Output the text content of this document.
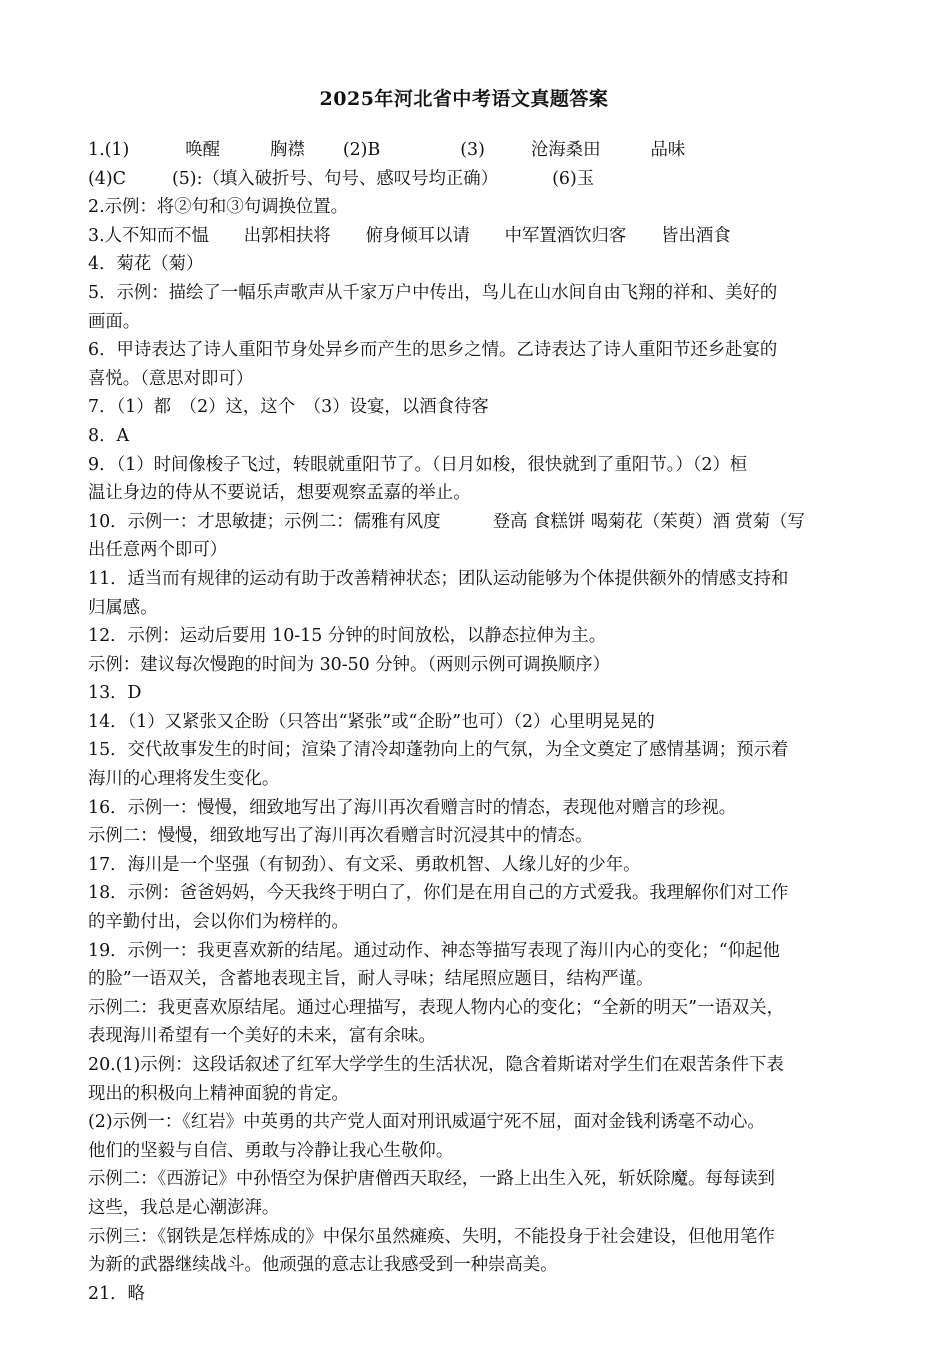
2025年河北省中考语文真题答案
1.(1)	唤醒	胸襟 (2)B	(3)	沧海桑田	品味
(4)C	(5):（填入破折号、句号、感叹号均正确）	(6)玉
2.示例：将②句和③句调换位置。
3.人不知而不愠　　出郭相扶将　　俯身倾耳以请　　中军置酒饮归客　　皆出酒食
4．菊花（菊）
5．示例：描绘了一幅乐声歌声从千家万户中传出，鸟儿在山水间自由飞翔的祥和、美好的
画面。
6．甲诗表达了诗人重阳节身处异乡而产生的思乡之情。乙诗表达了诗人重阳节还乡赴宴的
喜悦。（意思对即可）
7．（1）都　（2）这，这个　（3）设宴，以酒食待客
8．A
9．（1）时间像梭子飞过，转眼就重阳节了。（日月如梭，很快就到了重阳节。）（2）桓
温让身边的侍从不要说话，想要观察孟嘉的举止。
10．示例一：才思敏捷；示例二：儒雅有风度　　　登高 食糕饼 喝菊花（茱萸）酒 赏菊（写
出任意两个即可）
11．适当而有规律的运动有助于改善精神状态；团队运动能够为个体提供额外的情感支持和
归属感。
12．示例：运动后要用 10-15 分钟的时间放松，以静态拉伸为主。
示例：建议每次慢跑的时间为 30-50 分钟。（两则示例可调换顺序）
13．D
14．（1）又紧张又企盼（只答出“紧张”或“企盼”也可）（2）心里明晃晃的
15．交代故事发生的时间；渲染了清冷却蓬勃向上的气氛，为全文奠定了感情基调；预示着
海川的心理将发生变化。
16．示例一：慢慢，细致地写出了海川再次看赠言时的情态，表现他对赠言的珍视。
示例二：慢慢，细致地写出了海川再次看赠言时沉浸其中的情态。
17．海川是一个坚强（有韧劲）、有文采、勇敢机智、人缘儿好的少年。
18．示例：爸爸妈妈，今天我终于明白了，你们是在用自己的方式爱我。我理解你们对工作
的辛勤付出，会以你们为榜样的。
19．示例一：我更喜欢新的结尾。通过动作、神态等描写表现了海川内心的变化；“仰起他
的脸”一语双关，含蓄地表现主旨，耐人寻味；结尾照应题目，结构严谨。
示例二：我更喜欢原结尾。通过心理描写，表现人物内心的变化；“全新的明天”一语双关，
表现海川希望有一个美好的未来，富有余味。
20.(1)示例：这段话叙述了红军大学学生的生活状况，隐含着斯诺对学生们在艰苦条件下表
现出的积极向上精神面貌的肯定。
(2)示例一：《红岩》中英勇的共产党人面对刑讯威逼宁死不屈，面对金钱利诱毫不动心。
他们的坚毅与自信、勇敢与冷静让我心生敬仰。
示例二：《西游记》中孙悟空为保护唐僧西天取经，一路上出生入死，斩妖除魔。每每读到
这些，我总是心潮澎湃。
示例三：《钢铁是怎样炼成的》中保尔虽然瘫痪、失明，不能投身于社会建设，但他用笔作
为新的武器继续战斗。他顽强的意志让我感受到一种崇高美。
21．略
